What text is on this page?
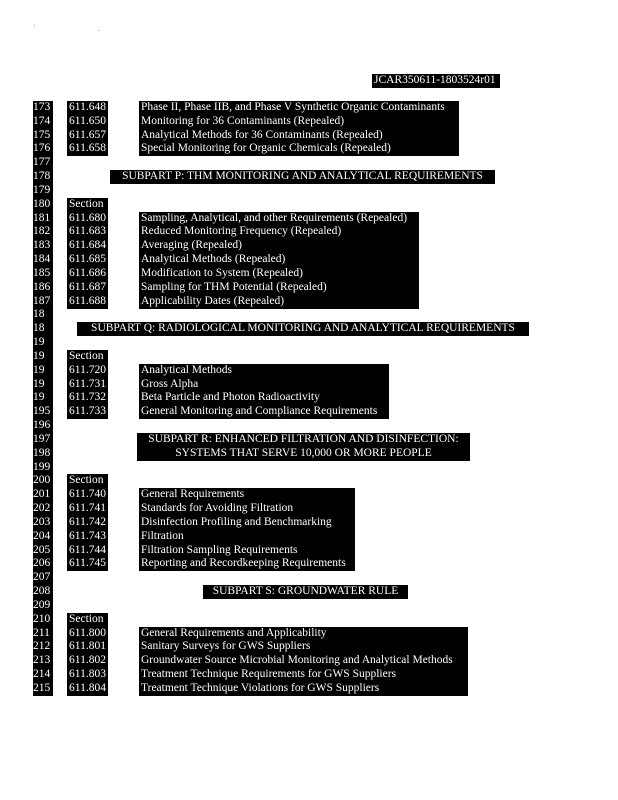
' .
JCAR350611-1803524r01
173 611.648	Phase II, Phase IIB, and Phase V Synthetic Organic Contaminants
174 611.650	Monitoring for 36 Contaminants (Repealed)
175 611.657	Analytical Methods for 36 Contaminants (Repealed)
176 611.658	Special Monitoring for Organic Chemicals (Repealed)
177
178	SUBPART P: THM MONITORING AND ANALYTICAL REQUIREMENTS
179
180 Section
181 611.680	Sampling, Analytical, and other Requirements (Repealed)
182 611.683	Reduced Monitoring Frequency (Repealed)
183 611.684	Averaging (Repealed)
184 611.685	Analytical Methods (Repealed)
185 611.686	Modification to System (Repealed)
186 611.687	Sampling for THM Potential (Repealed)
187 611.688	Applicability Dates (Repealed)
18
18	SUBPART Q: RADIOLOGICAL MONITORING AND ANALYTICAL REQUIREMENTS
19
19 Section
19 611.720	Analytical Methods
19 611.731	Gross Alpha
19 611.732	Beta Particle and Photon Radioactivity
195 611.733	General Monitoring and Compliance Requirements
196
197	SUBPART R: ENHANCED FILTRATION AND DISINFECTION:
198	SYSTEMS THAT SERVE 10,000 OR MORE PEOPLE
199
200 Section
201 611.740	General Requirements
202 611.741	Standards for Avoiding Filtration
203 611.742	Disinfection Profiling and Benchmarking
204 611.743	Filtration
205 611.744	Filtration Sampling Requirements
206 611.745	Reporting and Recordkeeping Requirements
207
208	SUBPART S: GROUNDWATER RULE
209
210 Section
211 611.800	General Requirements and Applicability
212 611.801	Sanitary Surveys for GWS Suppliers
213 611.802	Groundwater Source Microbial Monitoring and Analytical Methods
214 611.803	Treatment Technique Requirements for GWS Suppliers
215 611.804	Treatment Technique Violations for GWS Suppliers
